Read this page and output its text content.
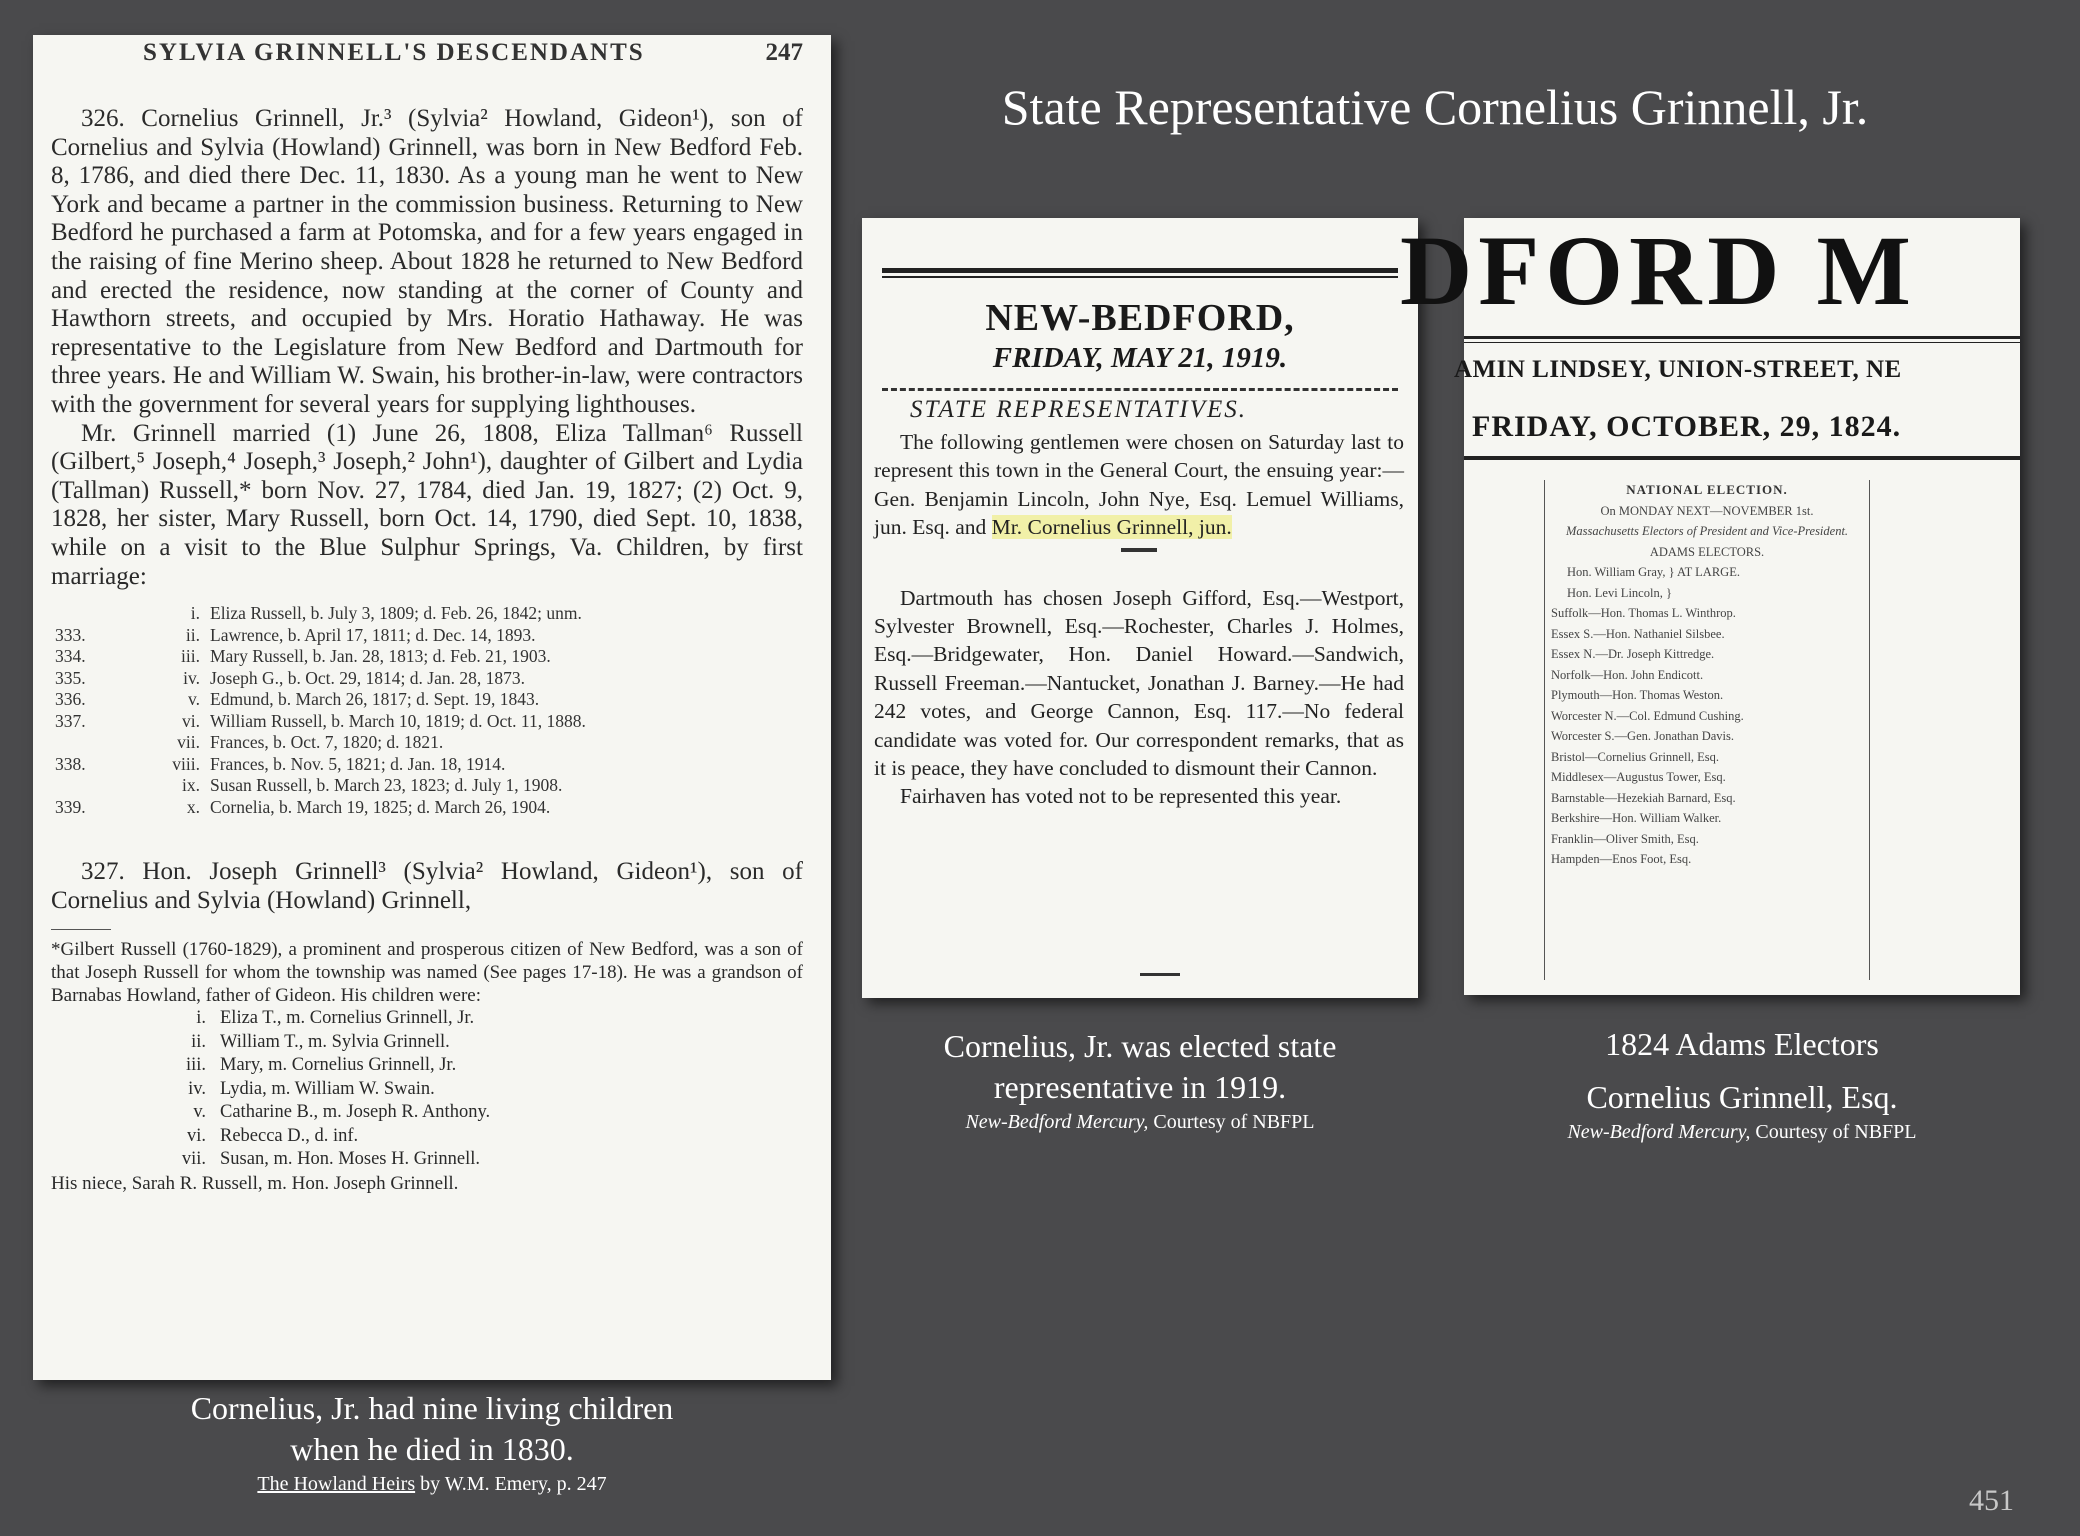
State Representative Cornelius Grinnell, Jr.
SYLVIA GRINNELL'S DESCENDANTS	247

326. Cornelius Grinnell, Jr.³ (Sylvia² Howland, Gideon¹), son of Cornelius and Sylvia (Howland) Grinnell, was born in New Bedford Feb. 8, 1786, and died there Dec. 11, 1830. As a young man he went to New York and became a partner in the commission business. Returning to New Bedford he purchased a farm at Potomska, and for a few years engaged in the raising of fine Merino sheep. About 1828 he returned to New Bedford and erected the residence, now standing at the corner of County and Hawthorn streets, and occupied by Mrs. Horatio Hathaway. He was representative to the Legislature from New Bedford and Dartmouth for three years. He and William W. Swain, his brother-in-law, were contractors with the government for several years for supplying lighthouses.

Mr. Grinnell married (1) June 26, 1808, Eliza Tallman⁶ Russell (Gilbert,⁵ Joseph,⁴ Joseph,³ Joseph,² John¹), daughter of Gilbert and Lydia (Tallman) Russell,* born Nov. 27, 1784, died Jan. 19, 1827; (2) Oct. 9, 1828, her sister, Mary Russell, born Oct. 14, 1790, died Sept. 10, 1838, while on a visit to the Blue Sulphur Springs, Va. Children, by first marriage:

i. Eliza Russell, b. July 3, 1809; d. Feb. 26, 1842; unm.
333.	ii. Lawrence, b. April 17, 1811; d. Dec. 14, 1893.
334.	iii. Mary Russell, b. Jan. 28, 1813; d. Feb. 21, 1903.
335.	iv. Joseph G., b. Oct. 29, 1814; d. Jan. 28, 1873.
336.	v. Edmund, b. March 26, 1817; d. Sept. 19, 1843.
337.	vi. William Russell, b. March 10, 1819; d. Oct. 11, 1888.
vii. Frances, b. Oct. 7, 1820; d. 1821.
338.	viii. Frances, b. Nov. 5, 1821; d. Jan. 18, 1914.
ix. Susan Russell, b. March 23, 1823; d. July 1, 1908.
339.	x. Cornelia, b. March 19, 1825; d. March 26, 1904.

327. Hon. Joseph Grinnell³ (Sylvia² Howland, Gideon¹), son of Cornelius and Sylvia (Howland) Grinnell,

*Gilbert Russell (1760-1829), a prominent and prosperous citizen of New Bedford, was a son of that Joseph Russell for whom the township was named (See pages 17-18). He was a grandson of Barnabas Howland, father of Gideon. His children were:
i. Eliza T., m. Cornelius Grinnell, Jr.
ii. William T., m. Sylvia Grinnell.
iii. Mary, m. Cornelius Grinnell, Jr.
iv. Lydia, m. William W. Swain.
v. Catharine B., m. Joseph R. Anthony.
vi. Rebecca D., d. inf.
vii. Susan, m. Hon. Moses H. Grinnell.
His niece, Sarah R. Russell, m. Hon. Joseph Grinnell.
NEW-BEDFORD,
FRIDAY, MAY 21, 1919.
STATE REPRESENTATIVES.

The following gentlemen were chosen on Saturday last to represent this town in the General Court, the ensuing year:—Gen. Benjamin Lincoln, John Nye, Esq. Lemuel Williams, jun. Esq. and Mr. Cornelius Grinnell, jun.

Dartmouth has chosen Joseph Gifford, Esq.—Westport, Sylvester Brownell, Esq.—Rochester, Charles J. Holmes, Esq.—Bridgewater, Hon. Daniel Howard.—Sandwich, Russell Freeman.—Nantucket, Jonathan J. Barney.—He had 242 votes, and George Cannon, Esq. 117.—No federal candidate was voted for. Our correspondent remarks, that as it is peace, they have concluded to dismount their Cannon.

Fairhaven has voted not to be represented this year.

DFORD M
AMIN LINDSEY, UNION-STREET, NE
FRIDAY, OCTOBER, 29, 1824.
NATIONAL ELECTION.
On MONDAY NEXT—NOVEMBER 1st.
Massachusetts Electors of President and Vice-President.
ADAMS ELECTORS.
Hon. William Gray, } AT LARGE.
Hon. Levi Lincoln, }
Suffolk—Hon. Thomas L. Winthrop.
Essex S.—Hon. Nathaniel Silsbee.
Essex N.—Dr. Joseph Kittredge.
Norfolk—Hon. John Endicott.
Plymouth—Hon. Thomas Weston.
Worcester N.—Col. Edmund Cushing.
Worcester S.—Gen. Jonathan Davis.
Bristol—Cornelius Grinnell, Esq.
Middlesex—Augustus Tower, Esq.
Barnstable—Hezekiah Barnard, Esq.
Berkshire—Hon. William Walker.
Franklin—Oliver Smith, Esq.
Hampden—Enos Foot, Esq.
Cornelius, Jr. had nine living children
when he died in 1830.
The Howland Heirs by W.M. Emery, p. 247
Cornelius, Jr. was elected state
representative in 1919.
New-Bedford Mercury, Courtesy of NBFPL
1824 Adams Electors
Cornelius Grinnell, Esq.
New-Bedford Mercury, Courtesy of NBFPL
451
